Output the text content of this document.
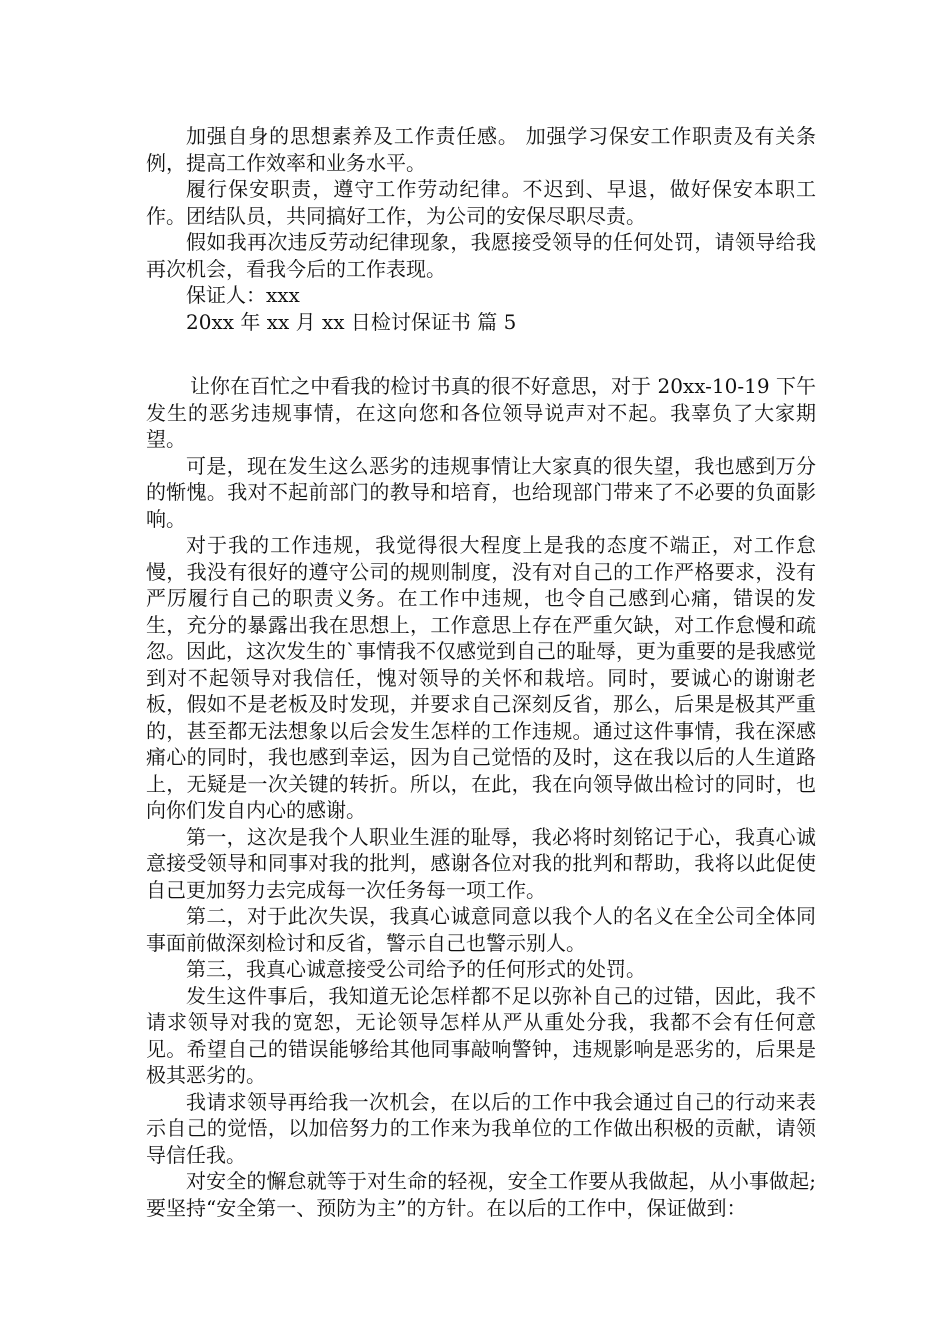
加强自身的思想素养及工作责任感。 加强学习保安工作职责及有关条例，提高工作效率和业务水平。

履行保安职责，遵守工作劳动纪律。不迟到、早退，做好保安本职工作。团结队员，共同搞好工作，为公司的安保尽职尽责。

假如我再次违反劳动纪律现象，我愿接受领导的任何处罚，请领导给我再次机会，看我今后的工作表现。

保证人：xxx

20xx 年 xx 月 xx 日检讨保证书 篇 5

让你在百忙之中看我的检讨书真的很不好意思，对于 20xx-10-19 下午发生的恶劣违规事情，在这向您和各位领导说声对不起。我辜负了大家期望。

可是，现在发生这么恶劣的违规事情让大家真的很失望，我也感到万分的惭愧。我对不起前部门的教导和培育，也给现部门带来了不必要的负面影响。

对于我的工作违规，我觉得很大程度上是我的态度不端正，对工作怠慢，我没有很好的遵守公司的规则制度，没有对自己的工作严格要求，没有严厉履行自己的职责义务。在工作中违规，也令自己感到心痛，错误的发生，充分的暴露出我在思想上，工作意思上存在严重欠缺，对工作怠慢和疏忽。因此，这次发生的`事情我不仅感觉到自己的耻辱，更为重要的是我感觉到对不起领导对我信任，愧对领导的关怀和栽培。同时，要诚心的谢谢老板，假如不是老板及时发现，并要求自己深刻反省，那么，后果是极其严重的，甚至都无法想象以后会发生怎样的工作违规。通过这件事情，我在深感痛心的同时，我也感到幸运，因为自己觉悟的及时，这在我以后的人生道路上，无疑是一次关键的转折。所以，在此，我在向领导做出检讨的同时，也向你们发自内心的感谢。

第一，这次是我个人职业生涯的耻辱，我必将时刻铭记于心，我真心诚意接受领导和同事对我的批判，感谢各位对我的批判和帮助，我将以此促使自己更加努力去完成每一次任务每一项工作。

第二，对于此次失误，我真心诚意同意以我个人的名义在全公司全体同事面前做深刻检讨和反省，警示自己也警示别人。

第三，我真心诚意接受公司给予的任何形式的处罚。

发生这件事后，我知道无论怎样都不足以弥补自己的过错，因此，我不请求领导对我的宽恕，无论领导怎样从严从重处分我，我都不会有任何意见。希望自己的错误能够给其他同事敲响警钟，违规影响是恶劣的，后果是极其恶劣的。

我请求领导再给我一次机会，在以后的工作中我会通过自己的行动来表示自己的觉悟，以加倍努力的工作来为我单位的工作做出积极的贡献，请领导信任我。

对安全的懈怠就等于对生命的轻视，安全工作要从我做起，从小事做起;要坚持“安全第一、预防为主”的方针。在以后的工作中，保证做到：
